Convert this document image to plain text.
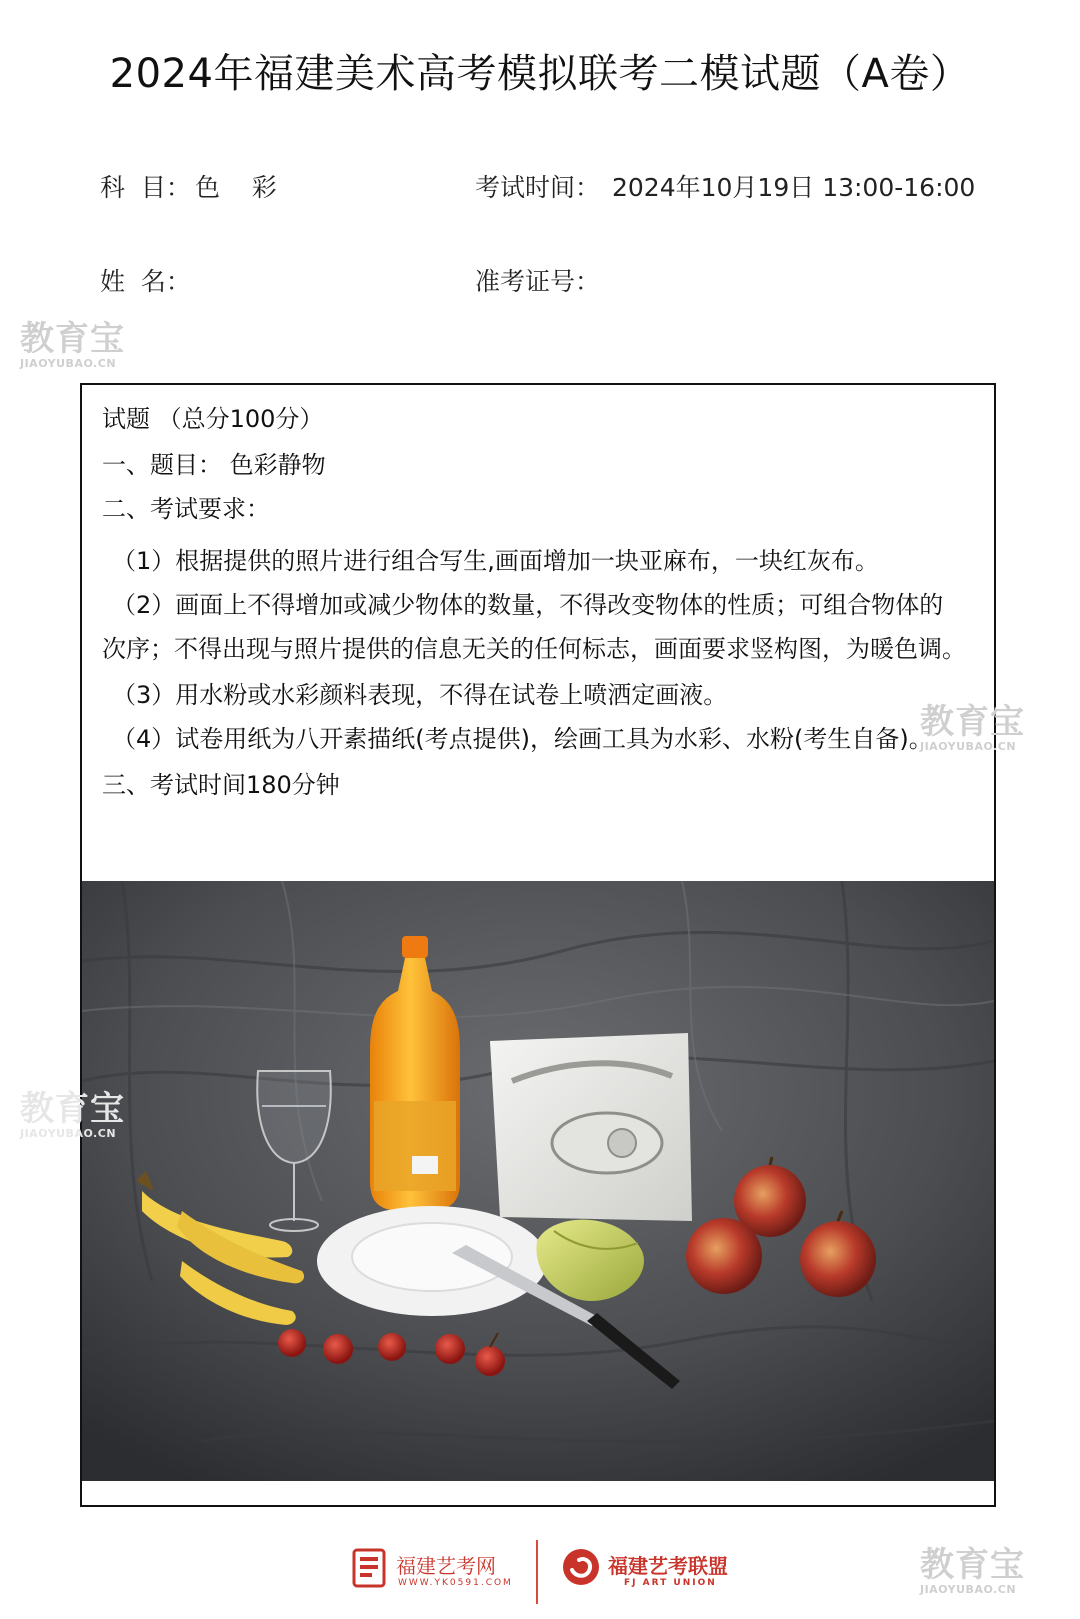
2024年福建美术高考模拟联考二模试题（A卷）
科  目： 色    彩	考试时间： 2024年10月19日 13:00-16:00
姓  名：	准考证号：
教育宝
JIAOYUBAO.CN
试题 （总分100分）
一、题目： 色彩静物
二、考试要求：
（1）根据提供的照片进行组合写生,画面增加一块亚麻布，一块红灰布。
（2）画面上不得增加或减少物体的数量，不得改变物体的性质；可组合物体的
次序；不得出现与照片提供的信息无关的任何标志，画面要求竖构图，为暖色调。
（3）用水粉或水彩颜料表现，不得在试卷上喷洒定画液。
（4）试卷用纸为八开素描纸(考点提供)，绘画工具为水彩、水粉(考生自备)。
三、考试时间180分钟
教育宝
JIAOYUBAO.CN
教育宝
JIAOYUBAO.CN
教育宝
JIAOYUBAO.CN
福建艺考网
WWW.YK0591.COM
福建艺考联盟
FJ ART UNION
